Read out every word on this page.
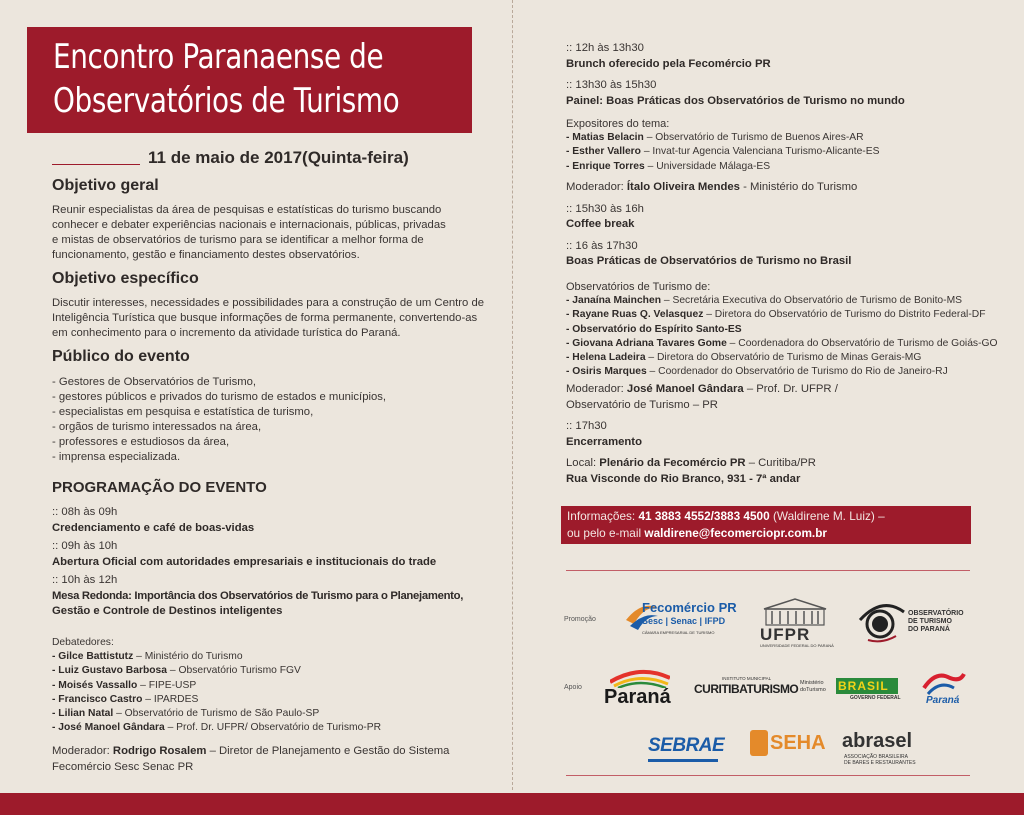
Encontro Paranaense de
Observatórios de Turismo
11 de maio de 2017(Quinta-feira)
Objetivo geral
Reunir especialistas da área de pesquisas e estatísticas do turismo buscando
conhecer e debater experiências nacionais e internacionais, públicas, privadas
e mistas de observatórios de turismo para se identificar a melhor forma de
funcionamento, gestão e financiamento destes observatórios.
Objetivo específico
Discutir interesses, necessidades e possibilidades para a construção de um Centro de
Inteligência Turística que busque informações de forma permanente, convertendo-as
em conhecimento para o incremento da atividade turística do Paraná.
Público do evento
- Gestores de Observatórios de Turismo,
- gestores públicos e privados do turismo de estados e municípios,
- especialistas em pesquisa e estatística de turismo,
- orgãos de turismo interessados na área,
- professores e estudiosos da área,
- imprensa especializada.
PROGRAMAÇÃO DO EVENTO
:: 08h às 09h
Credenciamento e café de boas-vidas
:: 09h às 10h
Abertura Oficial com autoridades empresariais e institucionais do trade
:: 10h às 12h
Mesa Redonda: Importância dos Observatórios de Turismo para o Planejamento,
Gestão e Controle de Destinos inteligentes
Debatedores:
- Gilce Battistutz – Ministério do Turismo
- Luiz Gustavo Barbosa – Observatório Turismo FGV
- Moisés Vassallo – FIPE-USP
- Francisco Castro – IPARDES
- Lilian Natal – Observatório de Turismo de São Paulo-SP
- José Manoel Gândara – Prof. Dr. UFPR/ Observatório de Turismo-PR
Moderador: Rodrigo Rosalem – Diretor de Planejamento e Gestão do Sistema
Fecomércio Sesc Senac PR
:: 12h às 13h30
Brunch oferecido pela Fecomércio PR
:: 13h30 às 15h30
Painel: Boas Práticas dos Observatórios de Turismo no mundo
Expositores do tema:
- Matias Belacin – Observatório de Turismo de Buenos Aires-AR
- Esther Vallero – Invat-tur Agencia Valenciana Turismo-Alicante-ES
- Enrique Torres – Universidade Málaga-ES
Moderador: Ítalo Oliveira Mendes - Ministério do Turismo
:: 15h30 às 16h
Coffee break
:: 16 às 17h30
Boas Práticas de Observatórios de Turismo no Brasil
Observatórios de Turismo de:
- Janaína Mainchen – Secretária Executiva do Observatório de Turismo de Bonito-MS
- Rayane Ruas Q. Velasquez – Diretora do Observatório de Turismo do Distrito Federal-DF
- Observatório do Espírito Santo-ES
- Giovana Adriana Tavares Gome – Coordenadora do Observatório de Turismo de Goiás-GO
- Helena Ladeira – Diretora do Observatório de Turismo de Minas Gerais-MG
- Osiris Marques – Coordenador do Observatório de Turismo do Rio de Janeiro-RJ
Moderador: José Manoel Gândara – Prof. Dr. UFPR /
Observatório de Turismo – PR
:: 17h30
Encerramento
Local: Plenário da Fecomércio PR – Curitiba/PR
Rua Visconde do Rio Branco, 931 - 7ª andar
Informações: 41 3883 4552/3883 4500 (Waldirene M. Luiz) –
ou pelo e-mail waldirene@fecomerciopr.com.br
Promoção
Apoio
Fecomércio PR
Sesc | Senac | IFPD
CÂMARA EMPRESARIAL DE TURISMO	UFPR
UNIVERSIDADE FEDERAL DO PARANÁ
OBSERVATÓRIO
DE TURISMO
DO PARANÁ
Paraná
INSTITUTO MUNICIPAL
CURITIBATURISMO Ministério doTurismo	BRASIL
GOVERNO FEDERAL	Paraná
SEBRAE SEHA abrasel
ASSOCIAÇÃO BRASILEIRA
DE BARES E RESTAURANTES
